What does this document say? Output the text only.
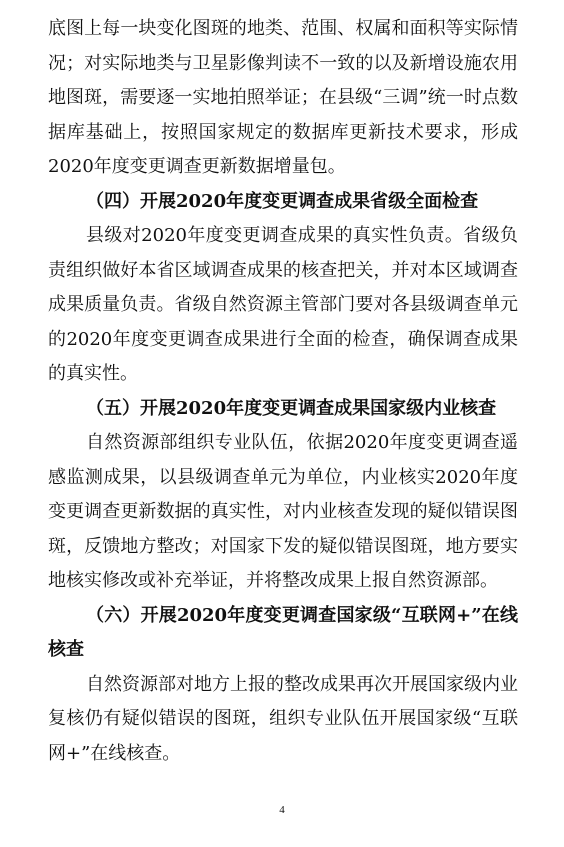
底图上每一块变化图斑的地类、范围、权属和面积等实际情况；对实际地类与卫星影像判读不一致的以及新增设施农用地图斑，需要逐一实地拍照举证；在县级“三调”统一时点数据库基础上，按照国家规定的数据库更新技术要求，形成2020年度变更调查更新数据增量包。

（四）开展2020年度变更调查成果省级全面检查

县级对2020年度变更调查成果的真实性负责。省级负责组织做好本省区域调查成果的核查把关，并对本区域调查成果质量负责。省级自然资源主管部门要对各县级调查单元的2020年度变更调查成果进行全面的检查，确保调查成果的真实性。

（五）开展2020年度变更调查成果国家级内业核查

自然资源部组织专业队伍，依据2020年度变更调查遥感监测成果，以县级调查单元为单位，内业核实2020年度变更调查更新数据的真实性，对内业核查发现的疑似错误图斑，反馈地方整改；对国家下发的疑似错误图斑，地方要实地核实修改或补充举证，并将整改成果上报自然资源部。

（六）开展2020年度变更调查国家级“互联网+”在线核查

自然资源部对地方上报的整改成果再次开展国家级内业复核仍有疑似错误的图斑，组织专业队伍开展国家级“互联网+”在线核查。

4
